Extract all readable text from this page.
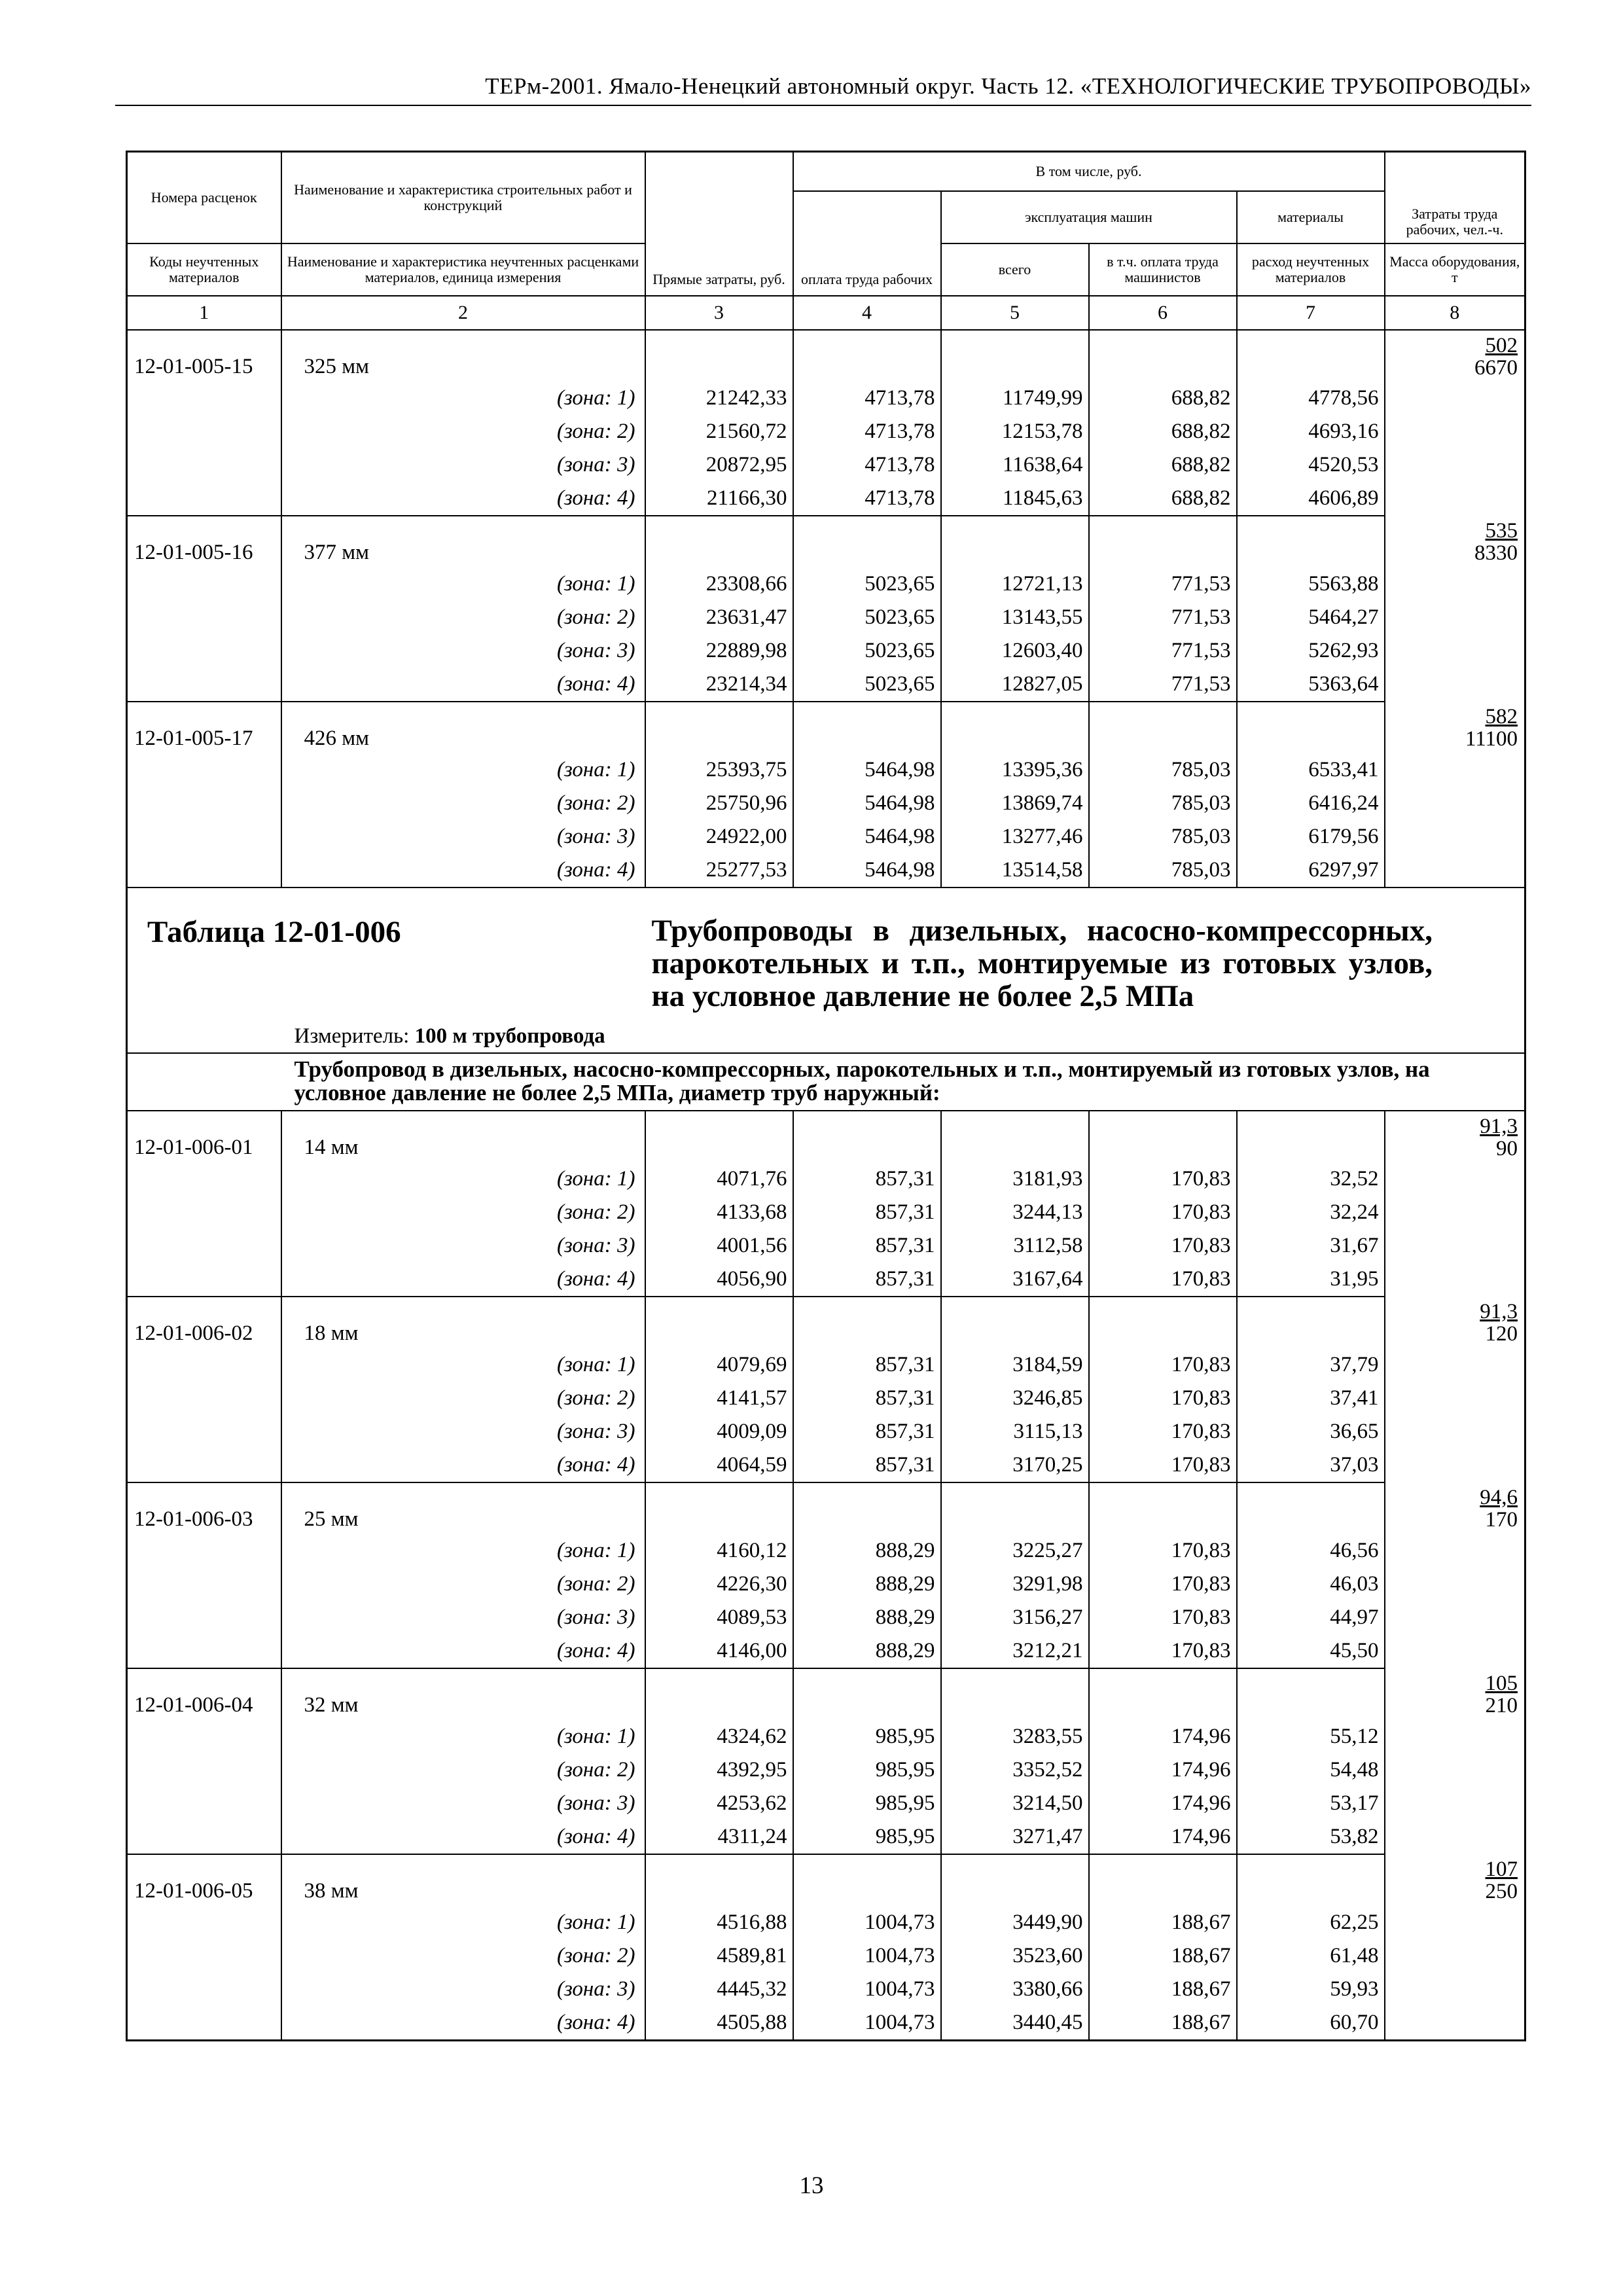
ТЕРм-2001. Ямало-Ненецкий автономный округ. Часть 12. «ТЕХНОЛОГИЧЕСКИЕ ТРУБОПРОВОДЫ»
Номера расценок	Наименование и характеристика строительных работ и конструкций	Прямые затраты, руб.	В том числе, руб.				Затраты труда рабочих, чел.-ч.
			оплата труда рабочих	эксплуатация машин		материалы	
Коды неучтенных материалов	Наименование и характеристика неучтенных расценками материалов, единица измерения			всего	в т.ч. оплата труда машинистов	расход неучтенных материалов	Масса оборудования, т
1	2	3	4	5	6	7	8
12-01-005-15	325 мм						$\frac{502}{6670}$

	(зона: 1)	21242,33	4713,78	11749,99	688,82	4778,56	
	(зона: 2)	21560,72	4713,78	12153,78	688,82	4693,16	
	(зона: 3)	20872,95	4713,78	11638,64	688,82	4520,53	
	(зона: 4)	21166,30	4713,78	11845,63	688,82	4606,89	
12-01-005-16	377 мм						$\frac{535}{8330}$

	(зона: 1)	23308,66	5023,65	12721,13	771,53	5563,88	
	(зона: 2)	23631,47	5023,65	13143,55	771,53	5464,27	
	(зона: 3)	22889,98	5023,65	12603,40	771,53	5262,93	
	(зона: 4)	23214,34	5023,65	12827,05	771,53	5363,64	
12-01-005-17	426 мм						$\frac{582}{11100}$

	(зона: 1)	25393,75	5464,98	13395,36	785,03	6533,41	
	(зона: 2)	25750,96	5464,98	13869,74	785,03	6416,24	
	(зона: 3)	24922,00	5464,98	13277,46	785,03	6179,56	
	(зона: 4)	25277,53	5464,98	13514,58	785,03	6297,97	
Таблица 12-01-006		Трубопроводы в дизельных, насосно-компрессорных, парокотельных и т.п., монтируемые из готовых узлов, на условное давление не более 2,5 МПа

	Измеритель: 100 м трубопровода	

	Трубопровод в дизельных, насосно-компрессорных, парокотельных и т.п., монтируемый из готовых узлов, на условное давление не более 2,5 МПа, диаметр труб наружный:	
12-01-006-01	14 мм						$\frac{91,3}{90}$

	(зона: 1)	4071,76	857,31	3181,93	170,83	32,52	
	(зона: 2)	4133,68	857,31	3244,13	170,83	32,24	
	(зона: 3)	4001,56	857,31	3112,58	170,83	31,67	
	(зона: 4)	4056,90	857,31	3167,64	170,83	31,95	
12-01-006-02	18 мм						$\frac{91,3}{120}$

	(зона: 1)	4079,69	857,31	3184,59	170,83	37,79	
	(зона: 2)	4141,57	857,31	3246,85	170,83	37,41	
	(зона: 3)	4009,09	857,31	3115,13	170,83	36,65	
	(зона: 4)	4064,59	857,31	3170,25	170,83	37,03	
12-01-006-03	25 мм						$\frac{94,6}{170}$

	(зона: 1)	4160,12	888,29	3225,27	170,83	46,56	
	(зона: 2)	4226,30	888,29	3291,98	170,83	46,03	
	(зона: 3)	4089,53	888,29	3156,27	170,83	44,97	
	(зона: 4)	4146,00	888,29	3212,21	170,83	45,50	
12-01-006-04	32 мм						$\frac{105}{210}$

	(зона: 1)	4324,62	985,95	3283,55	174,96	55,12	
	(зона: 2)	4392,95	985,95	3352,52	174,96	54,48	
	(зона: 3)	4253,62	985,95	3214,50	174,96	53,17	
	(зона: 4)	4311,24	985,95	3271,47	174,96	53,82	
12-01-006-05	38 мм						$\frac{107}{250}$

	(зона: 1)	4516,88	1004,73	3449,90	188,67	62,25	
	(зона: 2)	4589,81	1004,73	3523,60	188,67	61,48	
	(зона: 3)	4445,32	1004,73	3380,66	188,67	59,93	
	(зона: 4)	4505,88	1004,73	3440,45	188,67	60,70	
13
